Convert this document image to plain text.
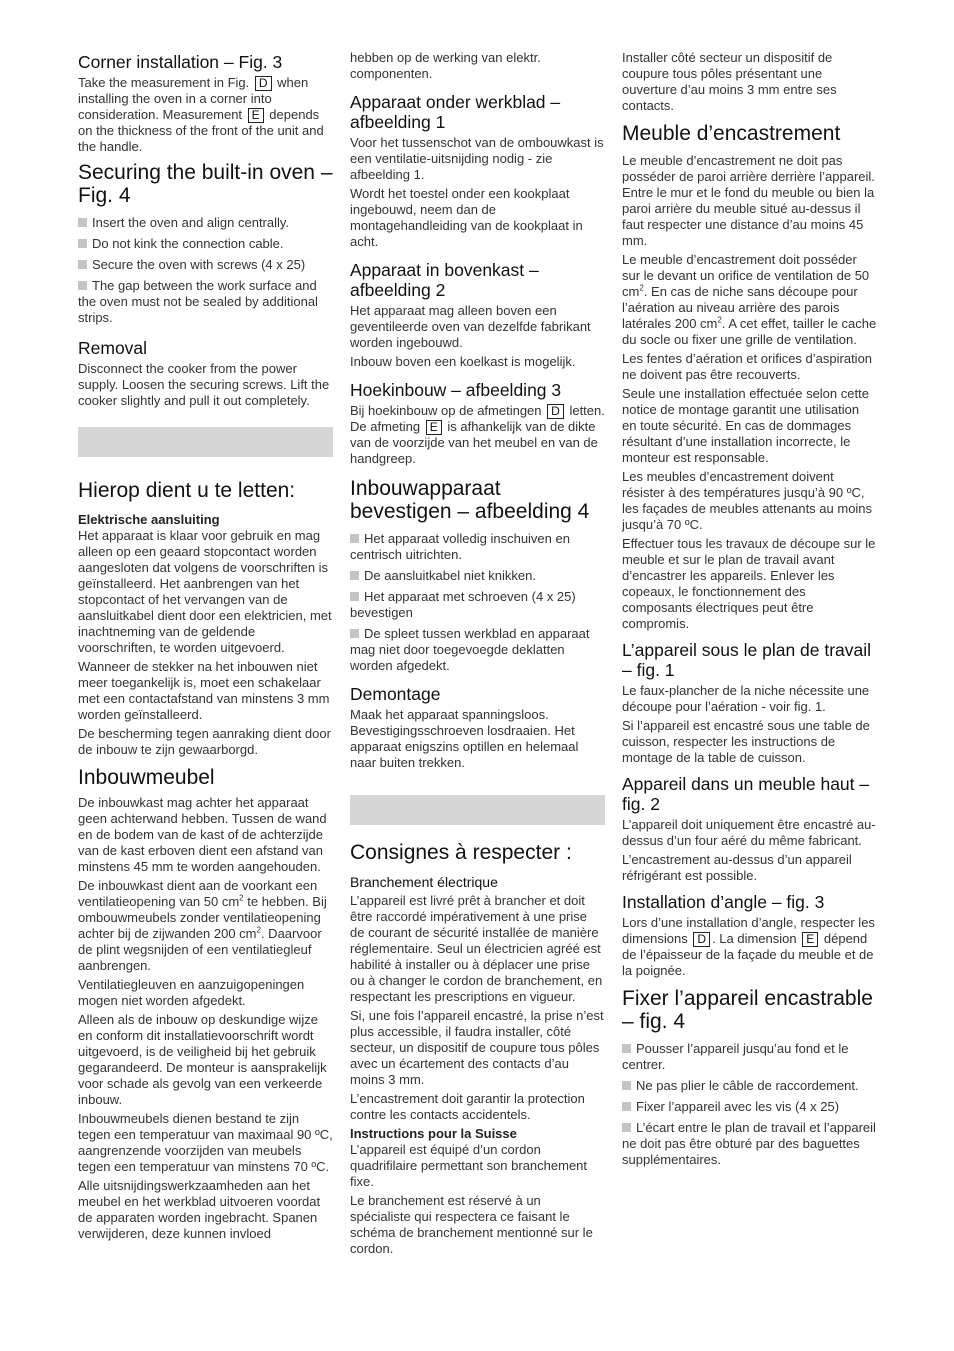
Corner installation – Fig. 3

Take the measurement in Fig. D when installing the oven in a corner into consideration. Measurement E depends on the thickness of the front of the unit and the handle.

Securing the built-in oven – Fig. 4

Insert the oven and align centrally.

Do not kink the connection cable.

Secure the oven with screws (4 x 25)

The gap between the work surface and the oven must not be sealed by additional strips.

Removal

Disconnect the cooker from the power supply. Loosen the securing screws. Lift the cooker slightly and pull it out completely.

Hierop dient u te letten:
Elektrische aansluiting

Het apparaat is klaar voor gebruik en mag alleen op een geaard stopcontact worden aangesloten dat volgens de voorschriften is geïnstalleerd. Het aanbrengen van het stopcontact of het vervangen van de aansluitkabel dient door een elektricien, met inachtneming van de geldende voorschriften, te worden uitgevoerd.

Wanneer de stekker na het inbouwen niet meer toegankelijk is, moet een schakelaar met een contactafstand van minstens 3 mm worden geïnstalleerd.

De bescherming tegen aanraking dient door de inbouw te zijn gewaarborgd.

Inbouwmeubel

De inbouwkast mag achter het apparaat geen achterwand hebben. Tussen de wand en de bodem van de kast of de achterzijde van de kast erboven dient een afstand van minstens 45 mm te worden aangehouden.

De inbouwkast dient aan de voorkant een ventilatieopening van 50 $cm^2$ te hebben. Bij ombouwmeubels zonder ventilatieopening achter bij de zijwanden 200 $cm^2$. Daarvoor de plint wegsnijden of een ventilatiegleuf aanbrengen.

Ventilatiegleuven en aanzuigopeningen mogen niet worden afgedekt.

Alleen als de inbouw op deskundige wijze en conform dit installatievoorschrift wordt uitgevoerd, is de veiligheid bij het gebruik gegarandeerd. De monteur is aansprakelijk voor schade als gevolg van een verkeerde inbouw.

Inbouwmeubels dienen bestand te zijn tegen een temperatuur van maximaal 90 ºC, aangrenzende voorzijden van meubels tegen een temperatuur van minstens 70 ºC.

Alle uitsnijdingswerkzaamheden aan het meubel en het werkblad uitvoeren voordat de apparaten worden ingebracht. Spanen verwijderen, deze kunnen invloed

hebben op de werking van elektr. componenten.

Apparaat onder werkblad – afbeelding 1

Voor het tussenschot van de ombouwkast is een ventilatie-uitsnijding nodig - zie afbeelding 1.

Wordt het toestel onder een kookplaat ingebouwd, neem dan de montagehandleiding van de kookplaat in acht.

Apparaat in bovenkast – afbeelding 2

Het apparaat mag alleen boven een geventileerde oven van dezelfde fabrikant worden ingebouwd.

Inbouw boven een koelkast is mogelijk.

Hoekinbouw – afbeelding 3

Bij hoekinbouw op de afmetingen D letten. De afmeting E is afhankelijk van de dikte van de voorzijde van het meubel en van de handgreep.

Inbouwapparaat bevestigen – afbeelding 4

Het apparaat volledig inschuiven en centrisch uitrichten.

De aansluitkabel niet knikken.

Het apparaat met schroeven (4 x 25) bevestigen

De spleet tussen werkblad en apparaat mag niet door toegevoegde deklatten worden afgedekt.

Demontage

Maak het apparaat spanningsloos. Bevestigingsschroeven losdraaien. Het apparaat enigszins optillen en helemaal naar buiten trekken.

Consignes à respecter :
Branchement électrique

L’appareil est livré prêt à brancher et doit être raccordé impérativement à une prise de courant de sécurité installée de manière réglementaire. Seul un électricien agréé est habilité à installer ou à déplacer une prise ou à changer le cordon de branchement, en respectant les prescriptions en vigueur.

Si, une fois l’appareil encastré, la prise n’est plus accessible, il faudra installer, côté secteur, un dispositif de coupure tous pôles avec un écartement des contacts d’au moins 3 mm.

L’encastrement doit garantir la protection contre les contacts accidentels.

Instructions pour la Suisse

L’appareil est équipé d’un cordon quadrifilaire permettant son branchement fixe.

Le branchement est réservé à un spécialiste qui respectera ce faisant le schéma de branchement mentionné sur le cordon.

Installer côté secteur un dispositif de coupure tous pôles présentant une ouverture d’au moins 3 mm entre ses contacts.

Meuble d’encastrement

Le meuble d’encastrement ne doit pas posséder de paroi arrière derrière l’appareil. Entre le mur et le fond du meuble ou bien la paroi arrière du meuble situé au-dessus il faut respecter une distance d’au moins 45 mm.

Le meuble d’encastrement doit posséder sur le devant un orifice de ventilation de 50 $cm^2$. En cas de niche sans découpe pour l’aération au niveau arrière des parois latérales 200 $cm^2$. A cet effet, tailler le cache du socle ou fixer une grille de ventilation.

Les fentes d’aération et orifices d’aspiration ne doivent pas être recouverts.

Seule une installation effectuée selon cette notice de montage garantit une utilisation en toute sécurité. En cas de dommages résultant d’une installation incorrecte, le monteur est responsable.

Les meubles d’encastrement doivent résister à des températures jusqu’à 90 ºC, les façades de meubles attenants au moins jusqu’à 70 ºC.

Effectuer tous les travaux de découpe sur le meuble et sur le plan de travail avant d’encastrer les appareils. Enlever les copeaux, le fonctionnement des composants électriques peut être compromis.

L’appareil sous le plan de travail – fig. 1

Le faux-plancher de la niche nécessite une découpe pour l’aération - voir fig. 1.

Si l’appareil est encastré sous une table de cuisson, respecter les instructions de montage de la table de cuisson.

Appareil dans un meuble haut – fig. 2

L’appareil doit uniquement être encastré au-dessus d’un four aéré du même fabricant.

L’encastrement au-dessus d’un appareil réfrigérant est possible.

Installation d’angle – fig. 3

Lors d’une installation d’angle, respecter les dimensions D . La dimension E dépend de l’épaisseur de la façade du meuble et de la poignée.

Fixer l’appareil encastrable – fig. 4

Pousser l’appareil jusqu’au fond et le centrer.

Ne pas plier le câble de raccordement.

Fixer l’appareil avec les vis (4 x 25)

L’écart entre le plan de travail et l’appareil ne doit pas être obturé par des baguettes supplémentaires.
